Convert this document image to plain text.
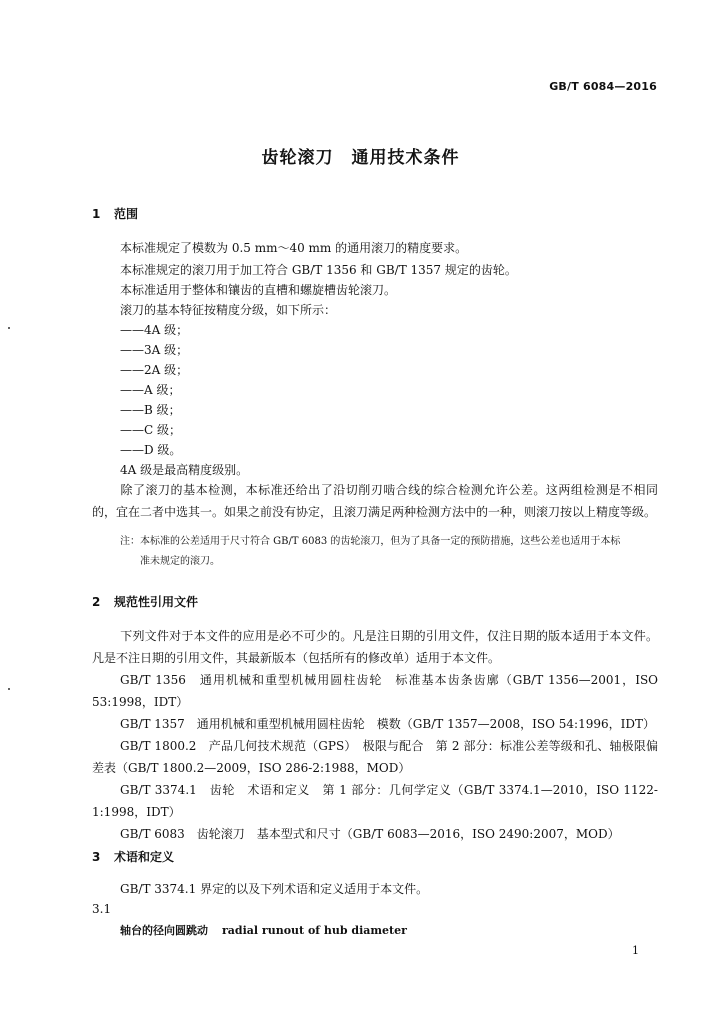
GB/T 6084—2016
齿轮滚刀　通用技术条件
1 范围
本标准规定了模数为 0.5 mm～40 mm 的通用滚刀的精度要求。
本标准规定的滚刀用于加工符合 GB/T 1356 和 GB/T 1357 规定的齿轮。
本标准适用于整体和镶齿的直槽和螺旋槽齿轮滚刀。
滚刀的基本特征按精度分级，如下所示：
——4A 级；
——3A 级；
——2A 级；
——A 级；
——B 级；
——C 级；
——D 级。
4A 级是最高精度级别。
除了滚刀的基本检测，本标准还给出了沿切削刃啮合线的综合检测允许公差。这两组检测是不相同的，宜在二者中选其一。如果之前没有协定，且滚刀满足两种检测方法中的一种，则滚刀按以上精度等级。
注：本标准的公差适用于尺寸符合 GB/T 6083 的齿轮滚刀，但为了具备一定的预防措施，这些公差也适用于本标
准未规定的滚刀。
2 规范性引用文件
下列文件对于本文件的应用是必不可少的。凡是注日期的引用文件，仅注日期的版本适用于本文件。凡是不注日期的引用文件，其最新版本（包括所有的修改单）适用于本文件。
GB/T 1356　通用机械和重型机械用圆柱齿轮　标准基本齿条齿廓（GB/T 1356—2001，ISO 53:1998，IDT）
GB/T 1357　通用机械和重型机械用圆柱齿轮　模数（GB/T 1357—2008，ISO 54:1996，IDT）
GB/T 1800.2　产品几何技术规范（GPS）　极限与配合　第 2 部分：标准公差等级和孔、轴极限偏差表（GB/T 1800.2—2009，ISO 286-2:1988，MOD）
GB/T 3374.1　齿轮　术语和定义　第 1 部分：几何学定义（GB/T 3374.1—2010，ISO 1122-1:1998，IDT）
GB/T 6083　齿轮滚刀　基本型式和尺寸（GB/T 6083—2016，ISO 2490:2007，MOD）
3 术语和定义
GB/T 3374.1 界定的以及下列术语和定义适用于本文件。
3.1
轴台的径向圆跳动 radial runout of hub diameter
1
